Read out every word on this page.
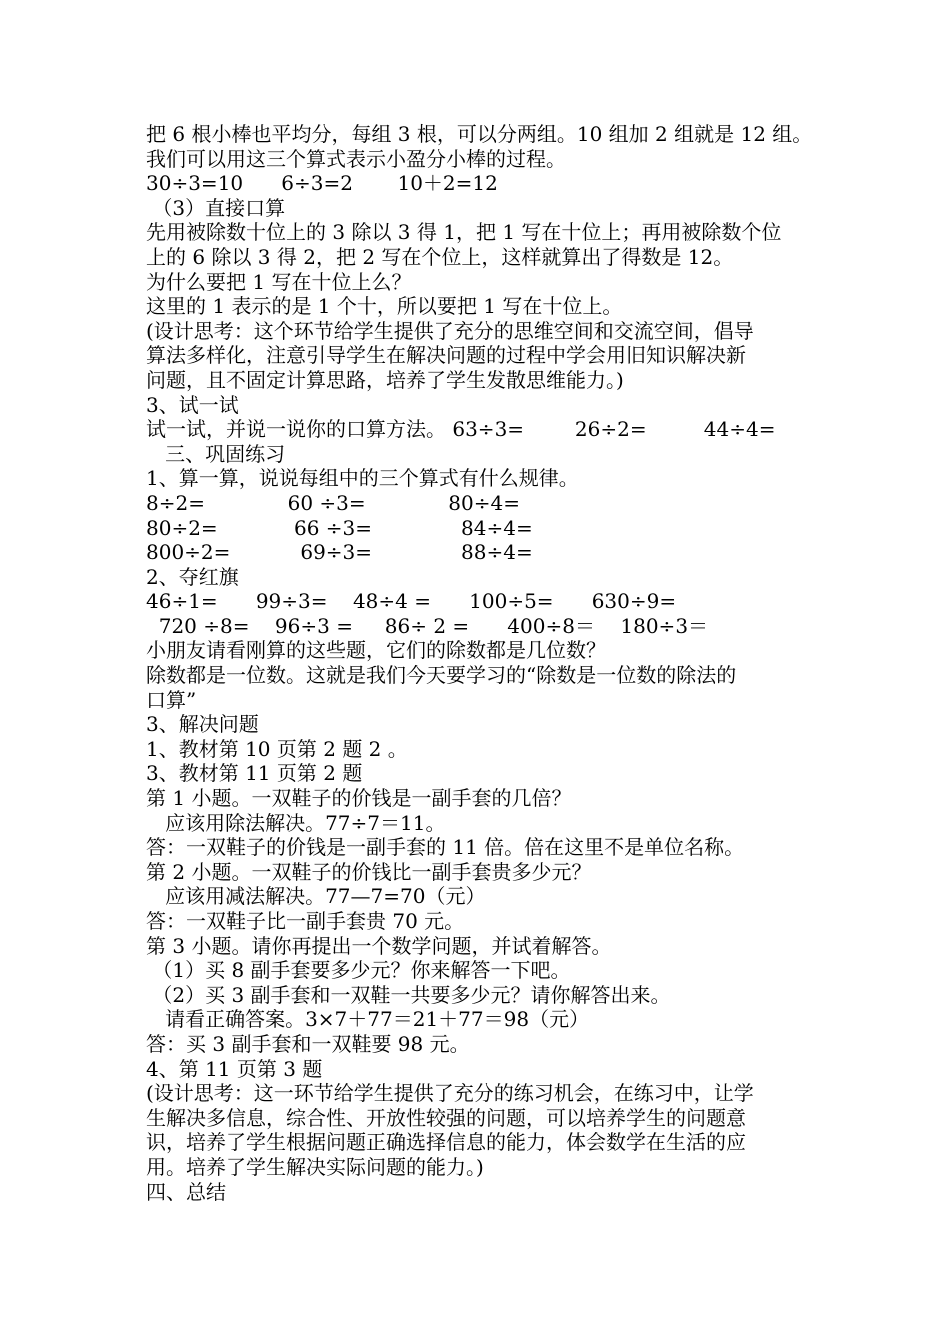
把 6 根小棒也平均分，每组 3 根，可以分两组。10 组加 2 组就是 12 组。
我们可以用这三个算式表示小盈分小棒的过程。
30÷3=10      6÷3=2       10＋2=12
（3）直接口算
先用被除数十位上的 3 除以 3 得 1，把 1 写在十位上；再用被除数个位
上的 6 除以 3 得 2，把 2 写在个位上，这样就算出了得数是 12。
为什么要把 1 写在十位上么？
这里的 1 表示的是 1 个十，所以要把 1 写在十位上。
(设计思考：这个环节给学生提供了充分的思维空间和交流空间，倡导
算法多样化，注意引导学生在解决问题的过程中学会用旧知识解决新
问题，且不固定计算思路，培养了学生发散思维能力。)
3、试一试
试一试，并说一说你的口算方法。 63÷3=        26÷2=         44÷4=
三、巩固练习
1、算一算，说说每组中的三个算式有什么规律。
8÷2=             60 ÷3=             80÷4=
80÷2=            66 ÷3=              84÷4=
800÷2=           69÷3=              88÷4=
2、夺红旗
46÷1=      99÷3=    48÷4 =      100÷5=      630÷9=
720 ÷8=    96÷3 =     86÷ 2 =      400÷8＝    180÷3＝
小朋友请看刚算的这些题，它们的除数都是几位数？
除数都是一位数。这就是我们今天要学习的“除数是一位数的除法的
口算”
3、解决问题
1、教材第 10 页第 2 题 2 。
3、教材第 11 页第 2 题
第 1 小题。一双鞋子的价钱是一副手套的几倍？
应该用除法解决。77÷7＝11。
答：一双鞋子的价钱是一副手套的 11 倍。倍在这里不是单位名称。
第 2 小题。一双鞋子的价钱比一副手套贵多少元？
应该用减法解决。77—7=70（元）
答：一双鞋子比一副手套贵 70 元。
第 3 小题。请你再提出一个数学问题，并试着解答。
（1）买 8 副手套要多少元？你来解答一下吧。
（2）买 3 副手套和一双鞋一共要多少元？请你解答出来。
请看正确答案。3×7＋77＝21＋77＝98（元）
答：买 3 副手套和一双鞋要 98 元。
4、第 11 页第 3 题
(设计思考：这一环节给学生提供了充分的练习机会，在练习中，让学
生解决多信息，综合性、开放性较强的问题，可以培养学生的问题意
识，培养了学生根据问题正确选择信息的能力，体会数学在生活的应
用。培养了学生解决实际问题的能力。)
四、总结
